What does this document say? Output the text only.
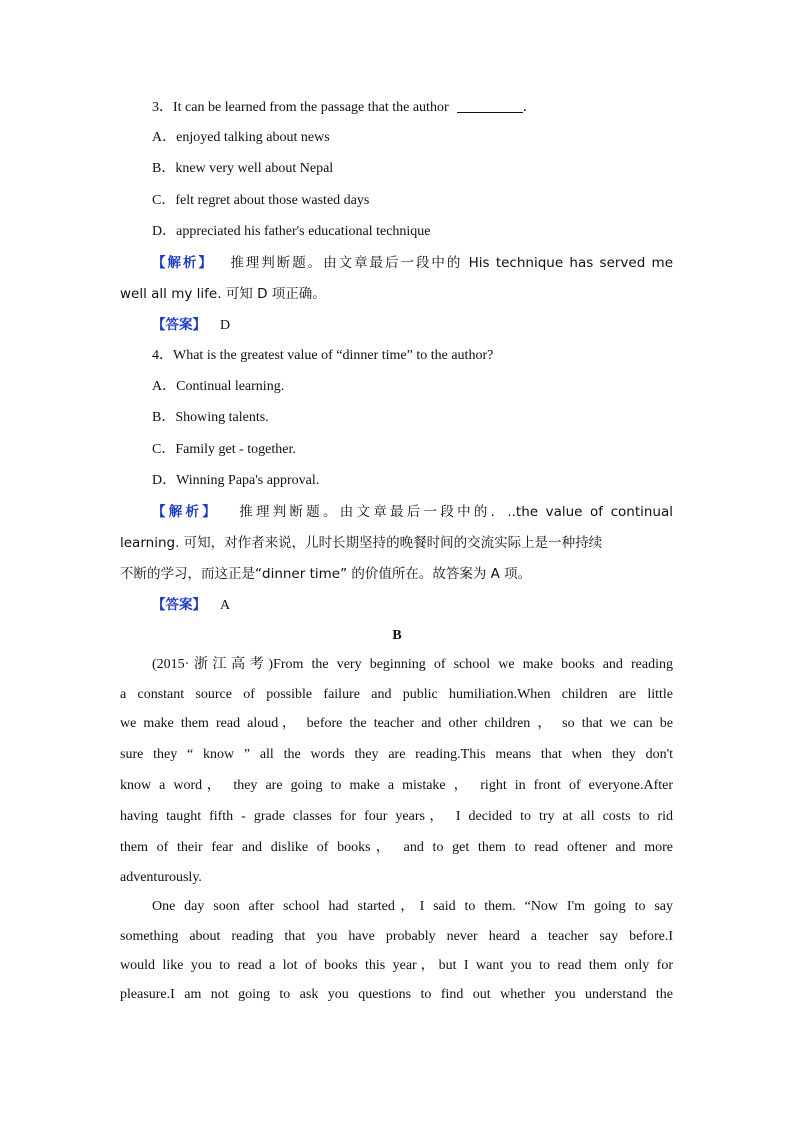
3．It can be learned from the passage that the author	．
A．enjoyed talking about news
B．knew very well about Nepal
C．felt regret about those wasted days
D．appreciated his father's educational technique
【解析】 推理判断题。由文章最后一段中的 His technique has served me
well all my life. 可知 D 项正确。
【答案】 D
4．What is the greatest value of “dinner time” to the author?
A．Continual learning.
B．Showing talents.
C．Family get - together.
D．Winning Papa's approval.
【解析】 推理判断题。由文章最后一段中的．..the value of continual
learning. 可知，对作者来说，儿时长期坚持的晚餐时间的交流实际上是一种持续
不断的学习，而这正是“dinner time” 的价值所在。故答案为 A 项。
【答案】 A
B
(2015·浙江高考)From the very beginning of school we make books and reading
a constant source of possible failure and public humiliation.When children are little
we make them read aloud， before the teacher and other children ， so that we can be
sure they “ know ” all the words they are reading.This means that when they don't
know a word， they are going to make a mistake ， right in front of everyone.After
having taught fifth - grade classes for four years， I decided to try at all costs to rid
them of their fear and dislike of books， and to get them to read oftener and more
adventurously.
One day soon after school had started，I said to them. “Now I'm going to say
something about reading that you have probably never heard a teacher say before.I
would like you to read a lot of books this year，but I want you to read them only for
pleasure.I am not going to ask you questions to find out whether you understand the
